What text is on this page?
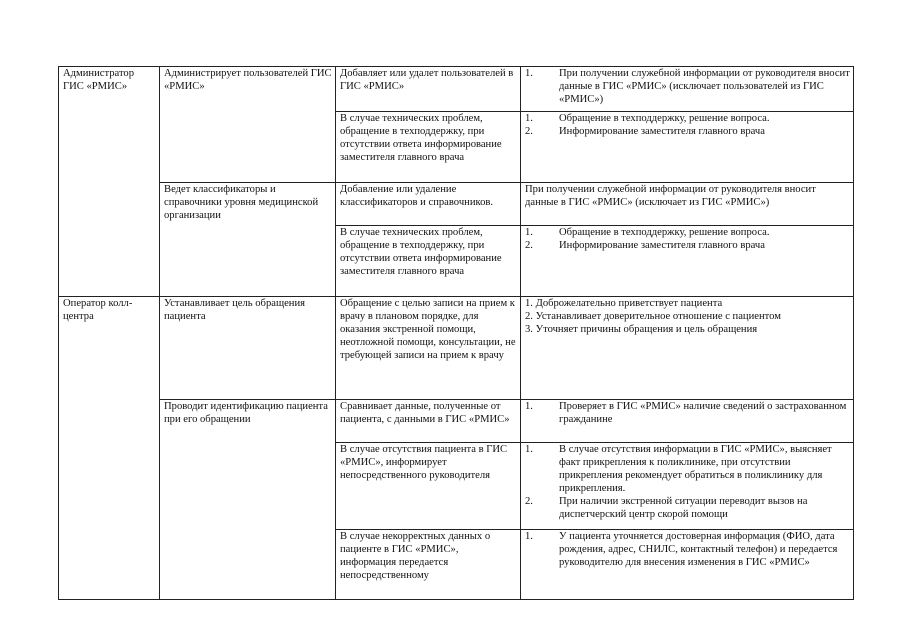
Администратор ГИС «РМИС»	Администрирует пользователей ГИС «РМИС»	Добавляет или удалет пользователей в ГИС «РМИС»	1. При получении служебной информации от руководителя вносит данные в ГИС «РМИС» (исключает пользователей из ГИС «РМИС»)

		В случае технических проблем, обращение в техподдержку, при отсутствии ответа информирование заместителя главного врача	1. Обращение в техподдержку, решение вопроса.
2. Информирование заместителя главного врача

	Ведет классификаторы и справочники уровня медицинской организации	Добавление или удаление классификаторов и справочников.	При получении служебной информации от руководителя вносит данные в ГИС «РМИС» (исключает из ГИС «РМИС»)
		В случае технических проблем, обращение в техподдержку, при отсутствии ответа информирование заместителя главного врача	1. Обращение в техподдержку, решение вопроса.
2. Информирование заместителя главного врача

Оператор колл-центра	Устанавливает цель обращения пациента	Обращение с целью записи на прием к врачу в плановом порядке, для оказания экстренной помощи, неотложной помощи, консультации, не требующей записи на прием к врачу	1. Доброжелательно приветствует пациента
2. Устанавливает доверительное отношение с пациентом
3. Уточняет причины обращения и цель обращения

	Проводит идентификацию пациента при его обращении	Сравнивает данные, полученные от пациента, с данными в ГИС «РМИС»	1. Проверяет в ГИС «РМИС» наличие сведений о застрахованном гражданине

		В случае отсутствия пациента в ГИС «РМИС», информирует непосредственного руководителя	1. В случае отсутствия информации в ГИС «РМИС», выясняет факт прикрепления к поликлинике, при отсутствии прикрепления рекомендует обратиться в поликлинику для прикрепления.
2. При наличии экстренной ситуации переводит вызов на диспетчерский центр скорой помощи

		В случае некорректных данных о пациенте в ГИС «РМИС», информация передается непосредственному	1. У пациента уточняется достоверная информация (ФИО, дата рождения, адрес, СНИЛС, контактный телефон) и передается руководителю для внесения изменения в ГИС «РМИС»
